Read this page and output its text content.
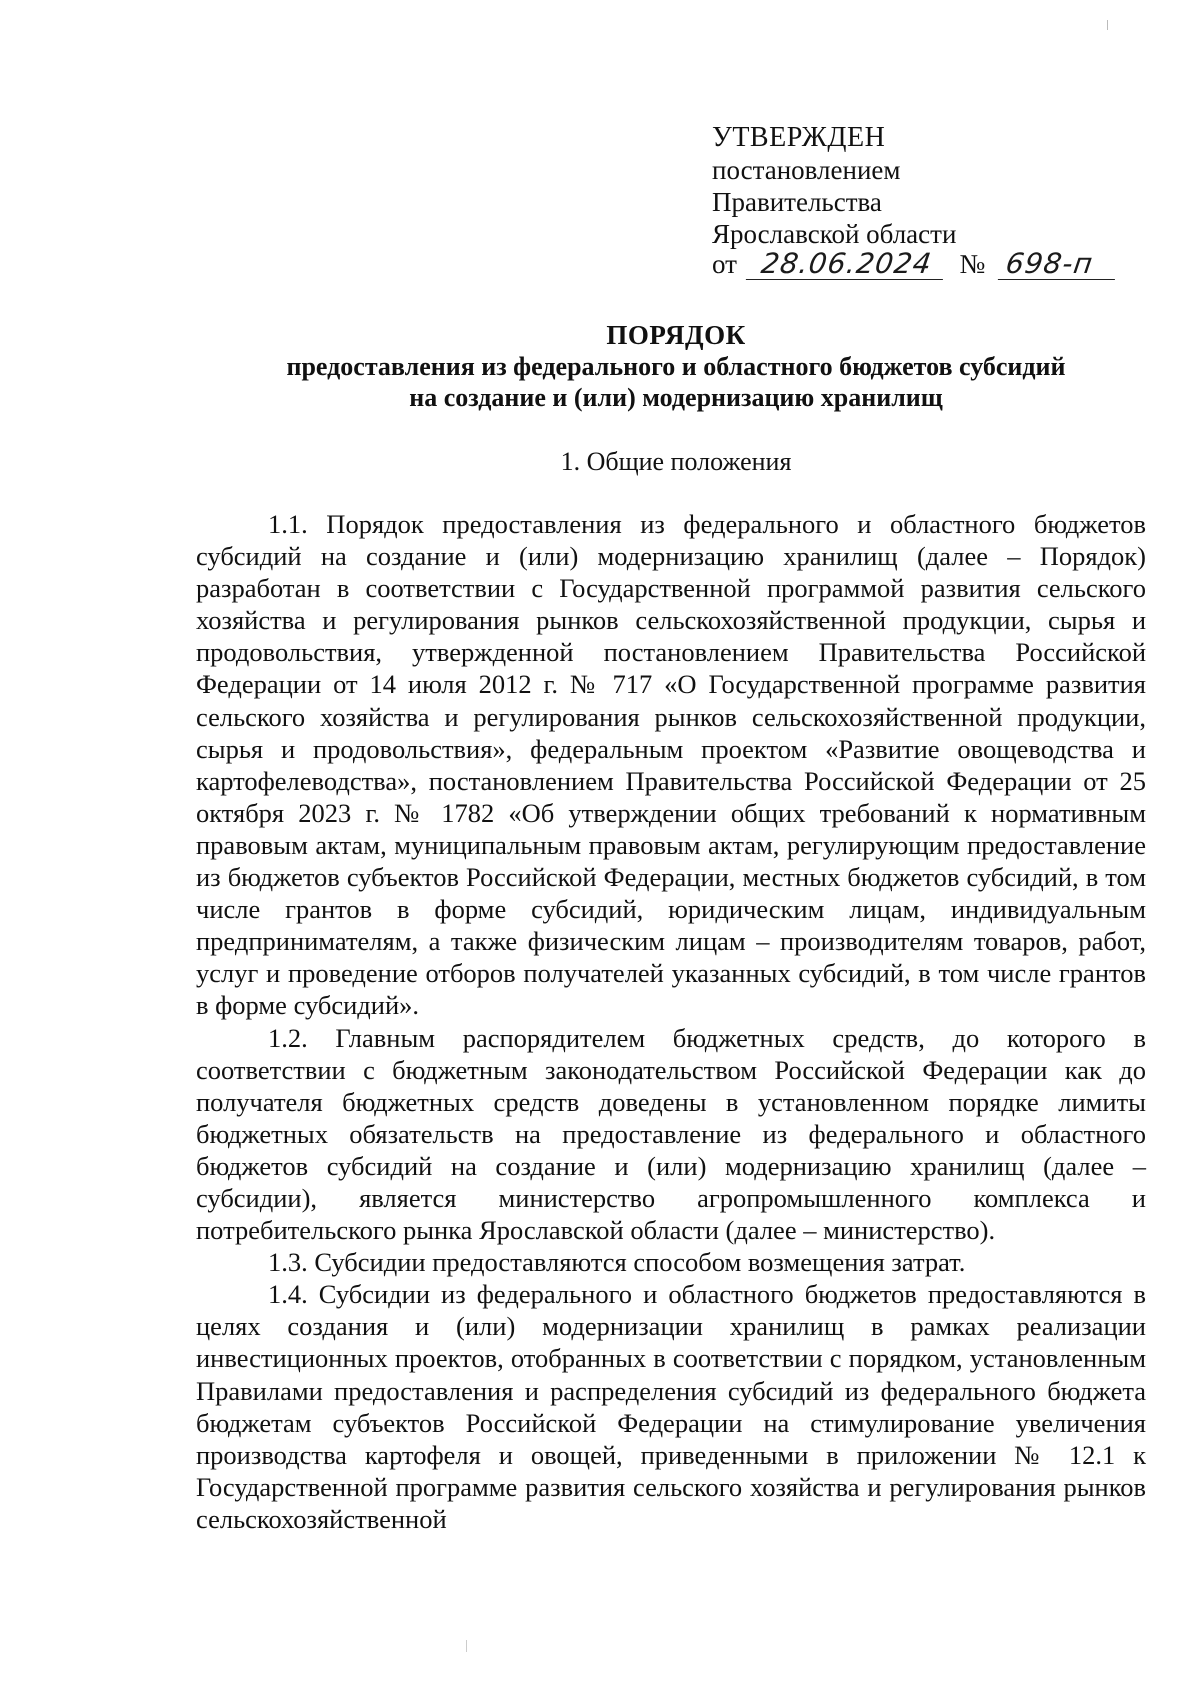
УТВЕРЖДЕН
постановлением
Правительства
Ярославской области
от 28.06.2024 № 698-п
ПОРЯДОК
предоставления из федерального и областного бюджетов субсидий
на создание и (или) модернизацию хранилищ
1. Общие положения

1.1. Порядок предоставления из федерального и областного бюджетов субсидий на создание и (или) модернизацию хранилищ (далее – Порядок) разработан в соответствии с Государственной программой развития сельского хозяйства и регулирования рынков сельскохозяйственной продукции, сырья и продовольствия, утвержденной постановлением Правительства Российской Федерации от 14 июля 2012 г. № 717 «О Государственной программе развития сельского хозяйства и регулирования рынков сельскохозяйственной продукции, сырья и продовольствия», федеральным проектом «Развитие овощеводства и картофелеводства», постановлением Правительства Российской Федерации от 25 октября 2023 г. № 1782 «Об утверждении общих требований к нормативным правовым актам, муниципальным правовым актам, регулирующим предоставление из бюджетов субъектов Российской Федерации, местных бюджетов субсидий, в том числе грантов в форме субсидий, юридическим лицам, индивидуальным предпринимателям, а также физическим лицам – производителям товаров, работ, услуг и проведение отборов получателей указанных субсидий, в том числе грантов в форме субсидий».

1.2. Главным распорядителем бюджетных средств, до которого в соответствии с бюджетным законодательством Российской Федерации как до получателя бюджетных средств доведены в установленном порядке лимиты бюджетных обязательств на предоставление из федерального и областного бюджетов субсидий на создание и (или) модернизацию хранилищ (далее – субсидии), является министерство агропромышленного комплекса и потребительского рынка Ярославской области (далее – министерство).

1.3. Субсидии предоставляются способом возмещения затрат.

1.4. Субсидии из федерального и областного бюджетов предоставляются в целях создания и (или) модернизации хранилищ в рамках реализации инвестиционных проектов, отобранных в соответствии с порядком, установленным Правилами предоставления и распределения субсидий из федерального бюджета бюджетам субъектов Российской Федерации на стимулирование увеличения производства картофеля и овощей, приведенными в приложении № 12.1 к Государственной программе развития сельского хозяйства и регулирования рынков сельскохозяйственной
